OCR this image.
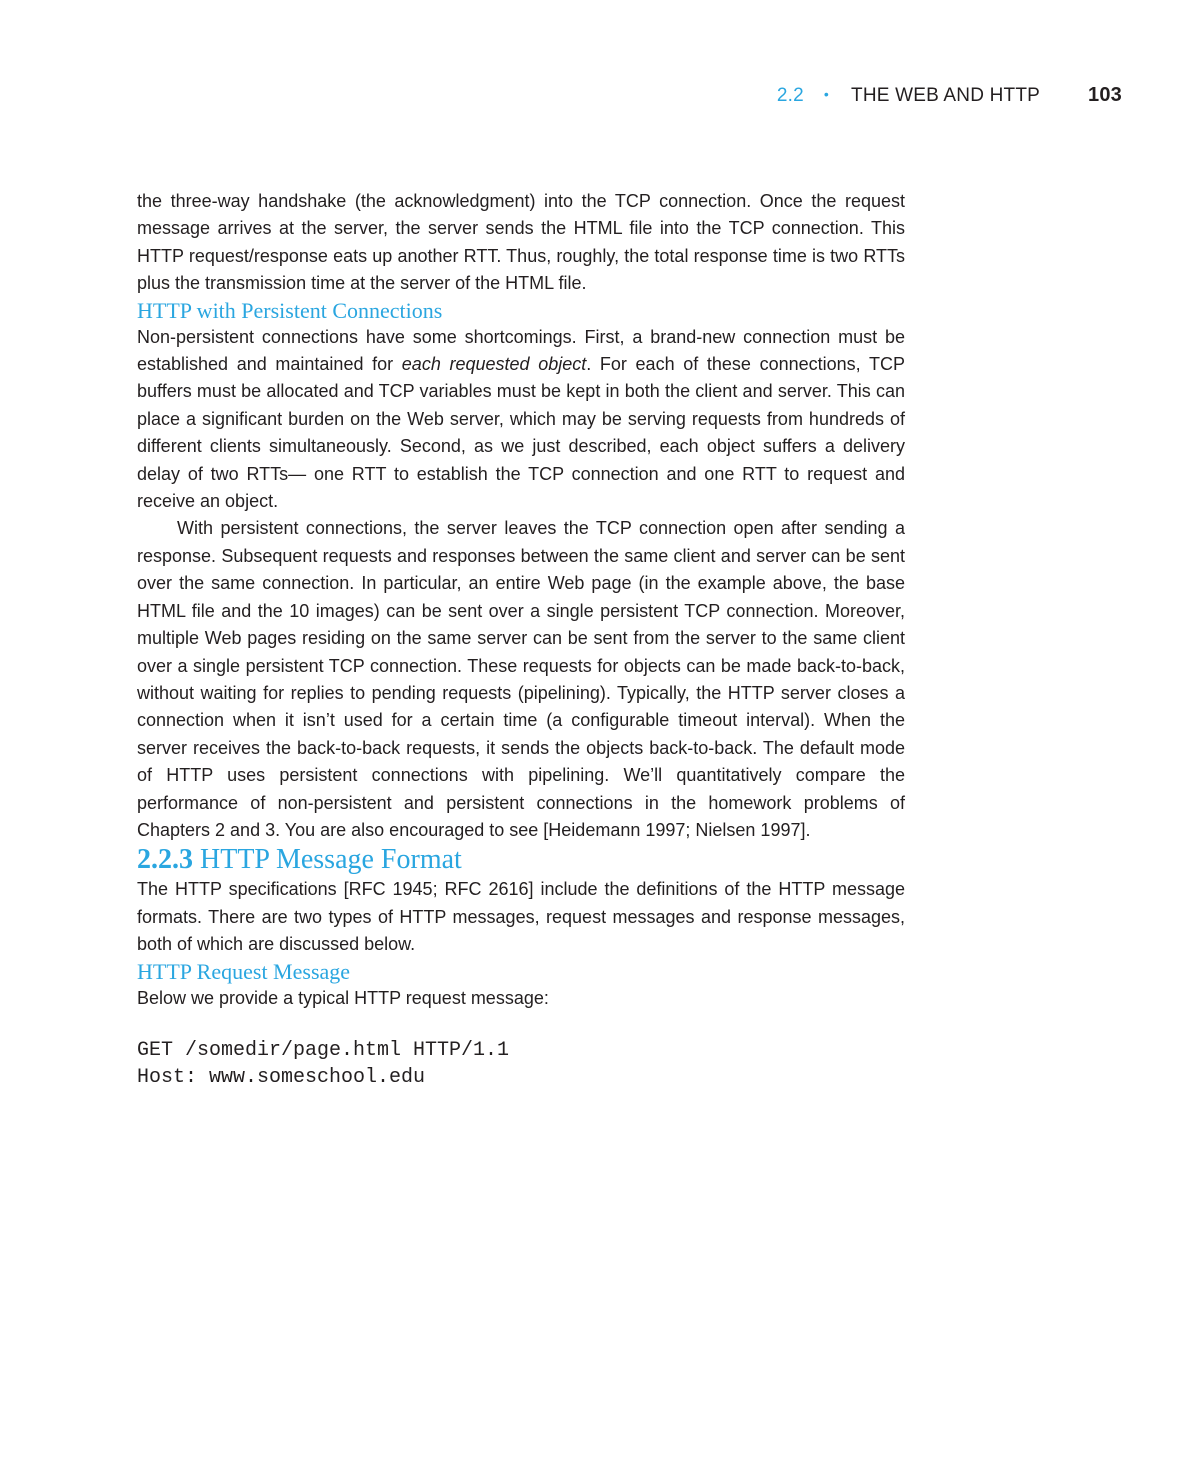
2.2 • THE WEB AND HTTP 103

the three-way handshake (the acknowledgment) into the TCP connection. Once the request message arrives at the server, the server sends the HTML file into the TCP connection. This HTTP request/response eats up another RTT. Thus, roughly, the total response time is two RTTs plus the transmission time at the server of the HTML file.

HTTP with Persistent Connections

Non-persistent connections have some shortcomings. First, a brand-new connection must be established and maintained for each requested object. For each of these connections, TCP buffers must be allocated and TCP variables must be kept in both the client and server. This can place a significant burden on the Web server, which may be serving requests from hundreds of different clients simultaneously. Second, as we just described, each object suffers a delivery delay of two RTTs— one RTT to establish the TCP connection and one RTT to request and receive an object.

With persistent connections, the server leaves the TCP connection open after sending a response. Subsequent requests and responses between the same client and server can be sent over the same connection. In particular, an entire Web page (in the example above, the base HTML file and the 10 images) can be sent over a single persistent TCP connection. Moreover, multiple Web pages residing on the same server can be sent from the server to the same client over a single persistent TCP connection. These requests for objects can be made back-to-back, without waiting for replies to pending requests (pipelining). Typically, the HTTP server closes a connection when it isn’t used for a certain time (a configurable timeout interval). When the server receives the back-to-back requests, it sends the objects back-to-back. The default mode of HTTP uses persistent connections with pipelining. We’ll quantitatively compare the performance of non-persistent and persistent connections in the homework problems of Chapters 2 and 3. You are also encouraged to see [Heidemann 1997; Nielsen 1997].

2.2.3 HTTP Message Format

The HTTP specifications [RFC 1945; RFC 2616] include the definitions of the HTTP message formats. There are two types of HTTP messages, request messages and response messages, both of which are discussed below.

HTTP Request Message

Below we provide a typical HTTP request message:

GET /somedir/page.html HTTP/1.1
Host: www.someschool.edu
